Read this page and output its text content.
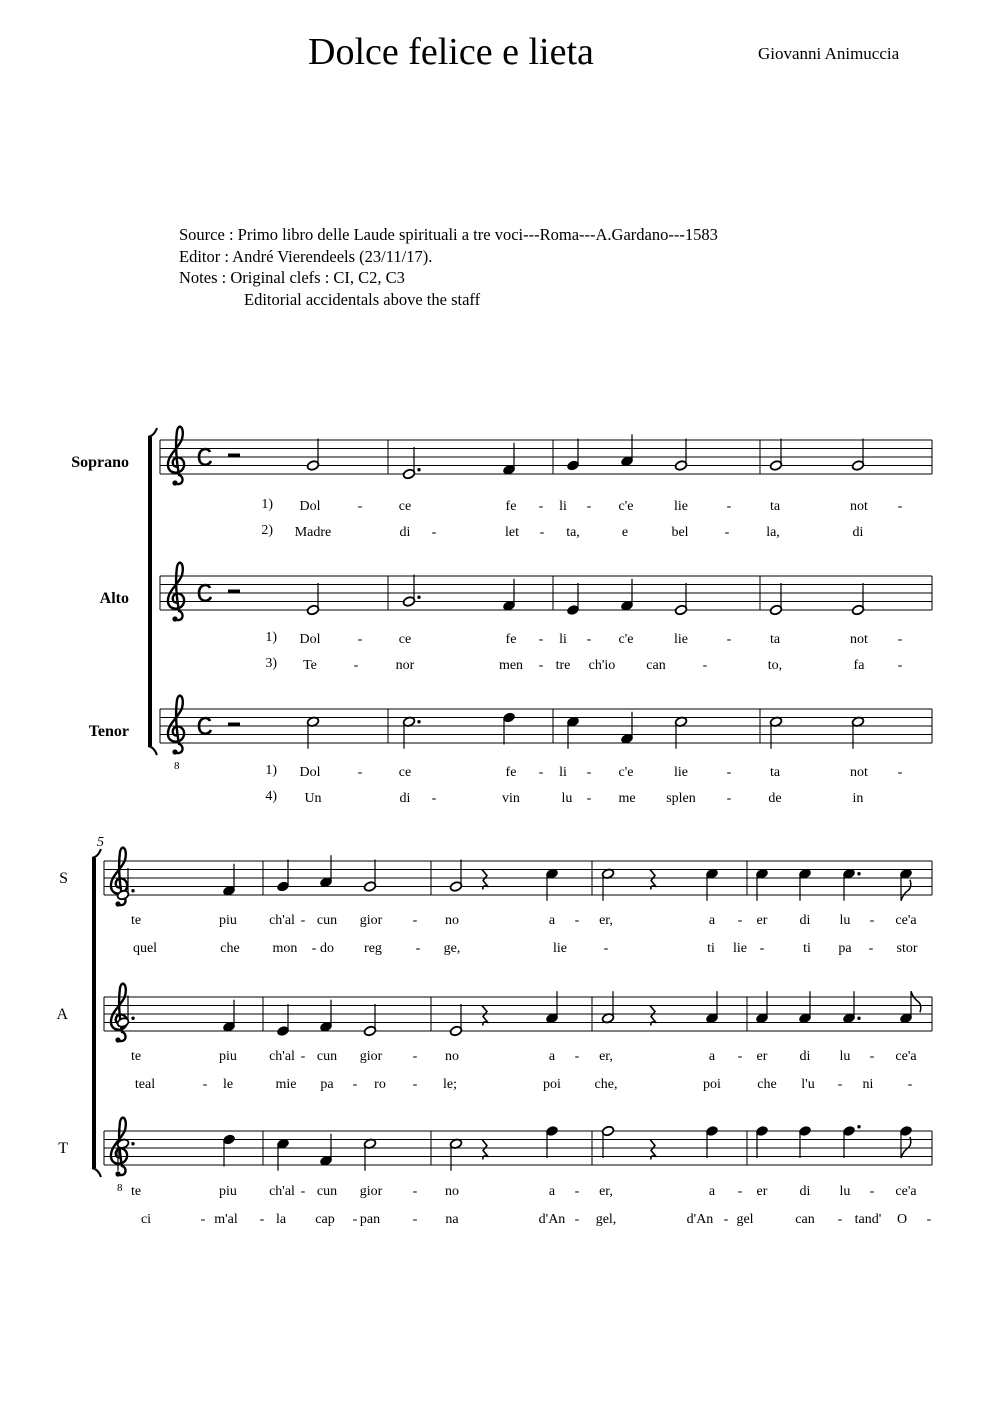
Dolce felice e lieta	Giovanni Animuccia
Source : Primo libro delle Laude spirituali a tre voci---Roma---A.Gardano---1583
Editor : André Vierendeels (23/11/17).
Notes : Original clefs : CI, C2, C3
Editorial accidentals above the staff
Soprano
Alto
8
Tenor
1) Dol	-	ce	fe - li - c'e	lie	-	ta	not -
2) Madre	di -	let - ta,	e	bel	-	la,	di
1) Dol	-	ce	fe - li - c'e	lie	-	ta	not -
3) Te	-	nor	men - tre ch'io can	-	to,	fa -
1) Dol	-	ce	fe - li - c'e	lie	-	ta	not -
4) Un	di -	vin	lu - me splen -	de	in
5
S
A
8
T
te	piu ch'al - cun gior - no	a - er,	a - er di lu - ce'a
quel	che mon - do reg - ge,	lie	-	ti lie -	ti pa - stor
te	piu ch'al - cun gior - no	a - er,	a - er di lu - ce'a
teal	- le	mie pa - ro - le;	poi che,	poi	che l'u - ni -
te	piu ch'al - cun gior - no	a - er,	a - er di lu - ce'a
ci	- m'al - la cap - pan - na	d'An - gel,	d'An - gel	can - tand' O -
